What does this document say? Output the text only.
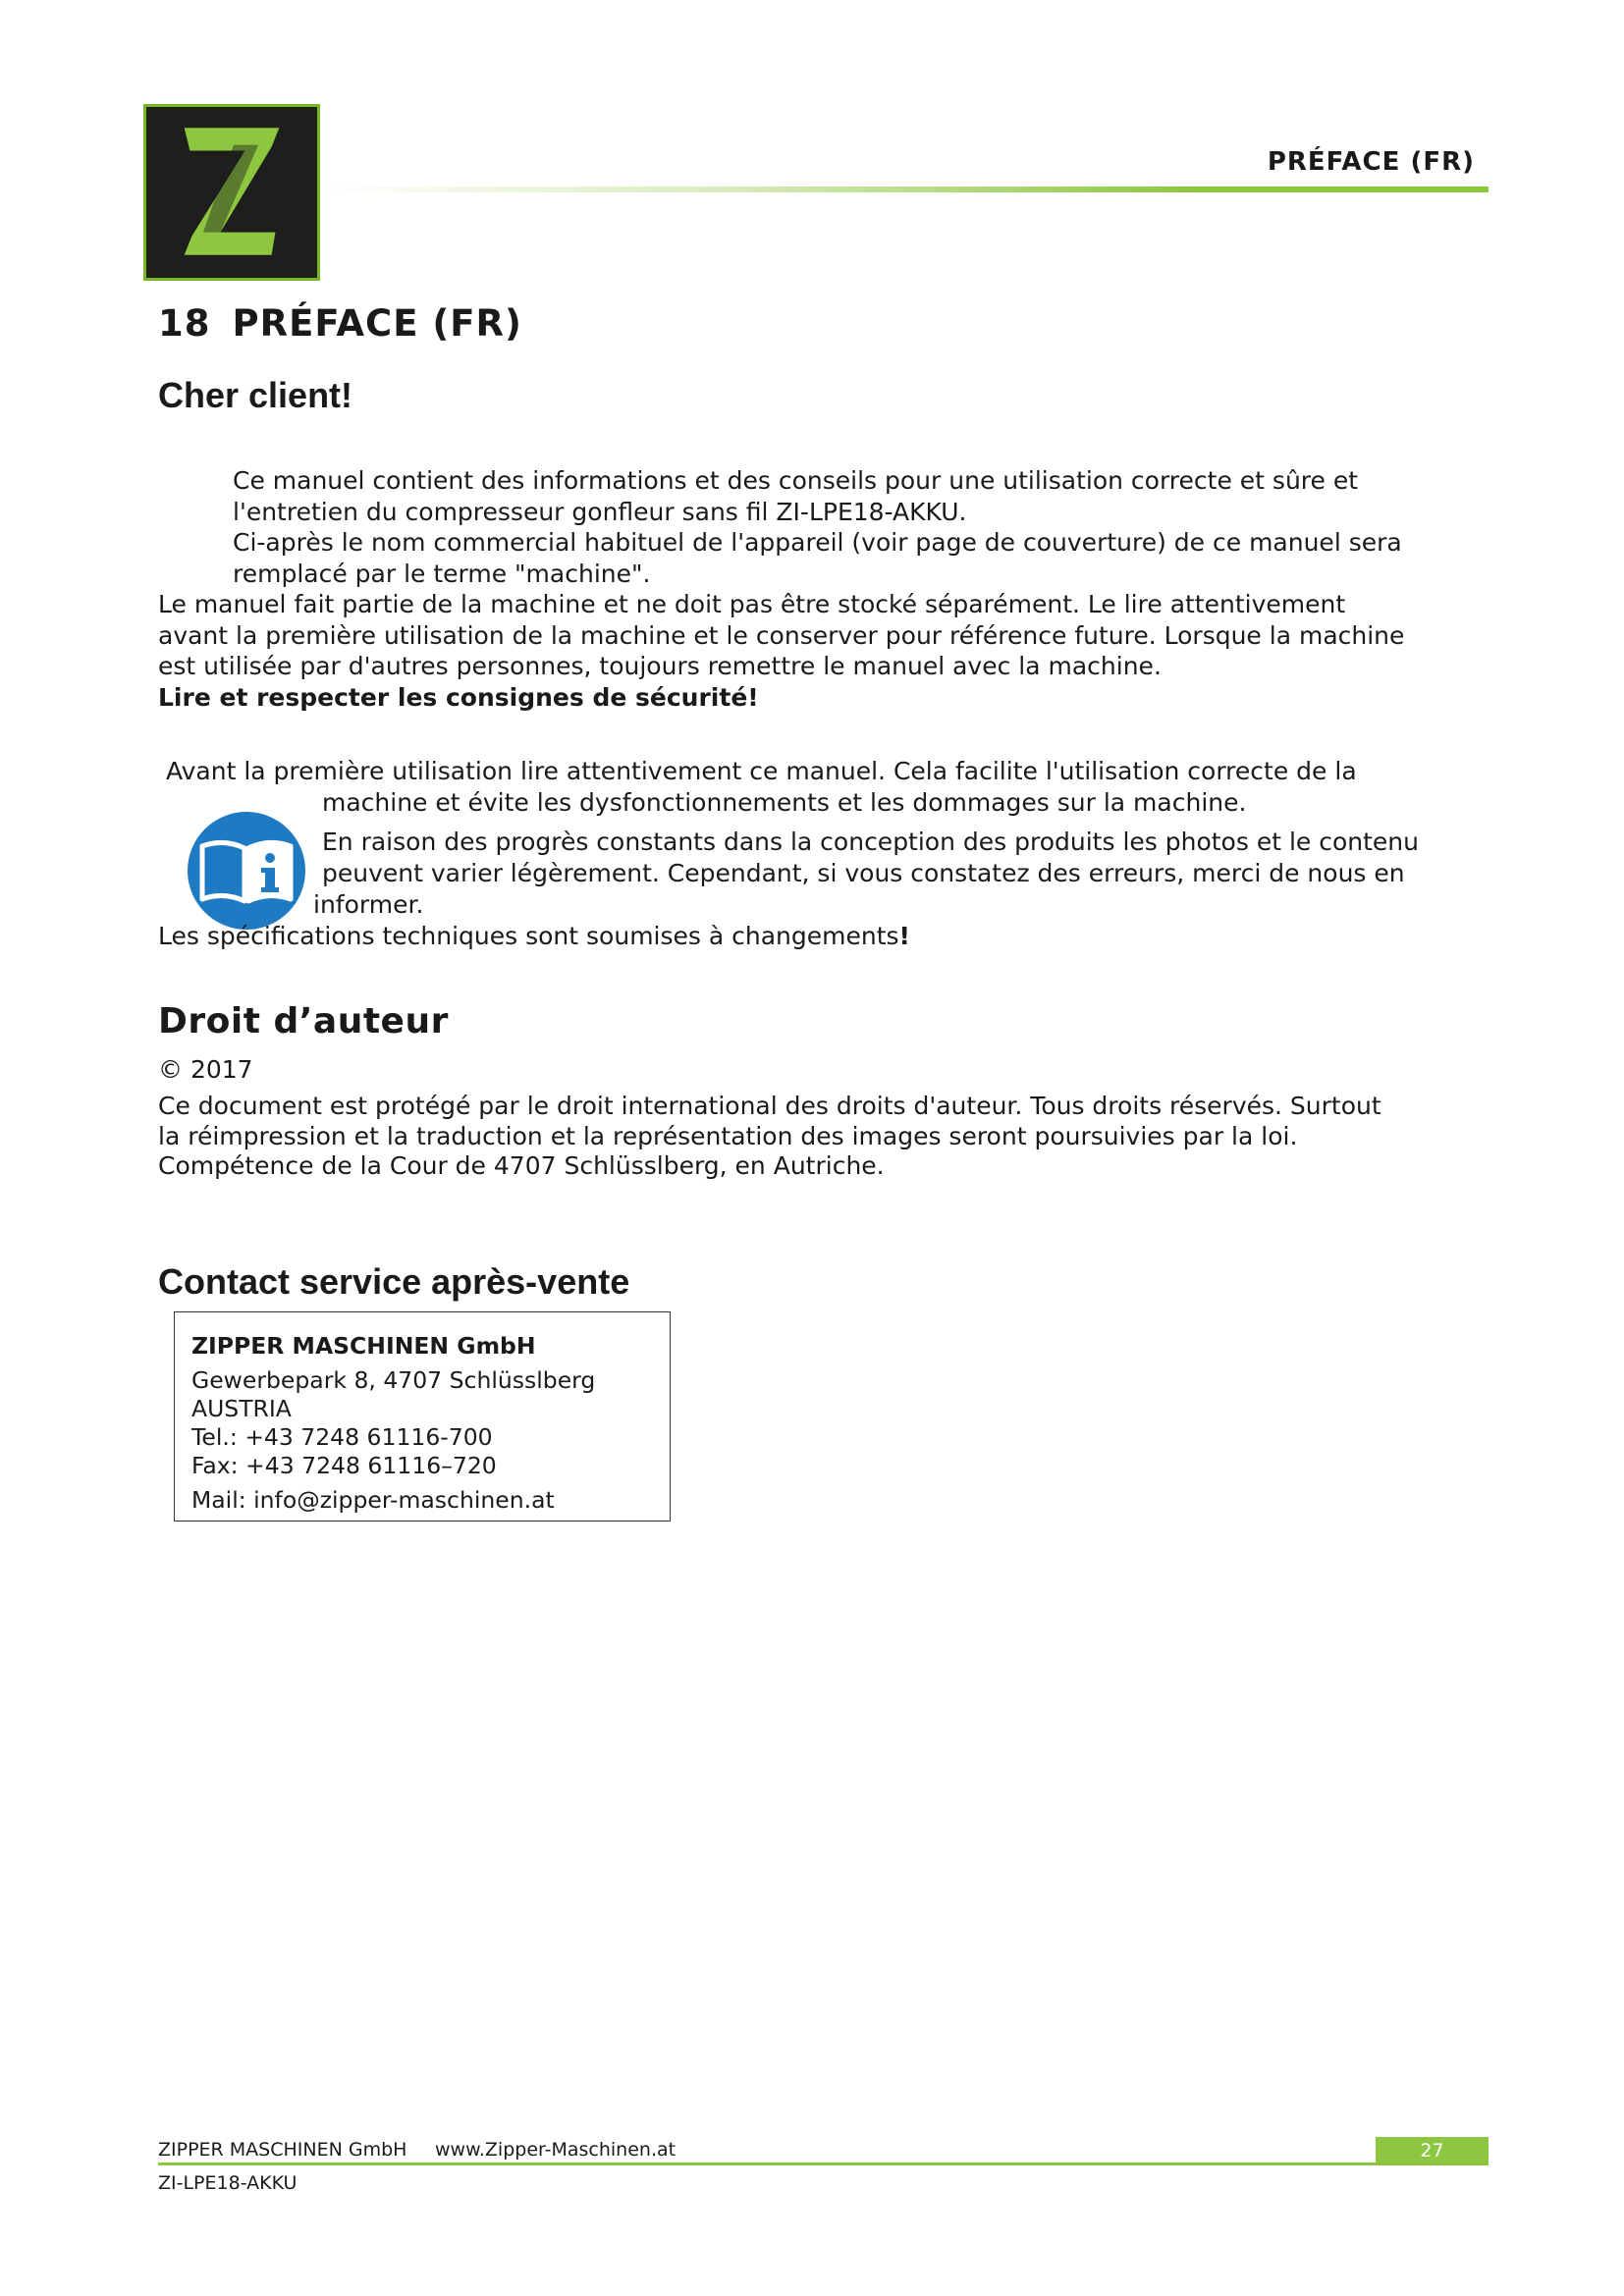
PRÉFACE (FR)
18 PRÉFACE (FR)
Cher client!
Ce manuel contient des informations et des conseils pour une utilisation correcte et sûre et
l'entretien du compresseur gonfleur sans fil ZI-LPE18-AKKU.
Ci-après le nom commercial habituel de l'appareil (voir page de couverture) de ce manuel sera
remplacé par le terme "machine".
Le manuel fait partie de la machine et ne doit pas être stocké séparément. Le lire attentivement
avant la première utilisation de la machine et le conserver pour référence future. Lorsque la machine
est utilisée par d'autres personnes, toujours remettre le manuel avec la machine.
Lire et respecter les consignes de sécurité!
Avant la première utilisation lire attentivement ce manuel. Cela facilite l'utilisation correcte de la
machine et évite les dysfonctionnements et les dommages sur la machine.
En raison des progrès constants dans la conception des produits les photos et le contenu
peuvent varier légèrement. Cependant, si vous constatez des erreurs, merci de nous en
informer.
Les spécifications techniques sont soumises à changements!
Droit d’auteur
© 2017
Ce document est protégé par le droit international des droits d'auteur. Tous droits réservés. Surtout
la réimpression et la traduction et la représentation des images seront poursuivies par la loi.
Compétence de la Cour de 4707 Schlüsslberg, en Autriche.
Contact service après-vente
ZIPPER MASCHINEN GmbH
Gewerbepark 8, 4707 Schlüsslberg
AUSTRIA
Tel.: +43 7248 61116-700
Fax: +43 7248 61116–720
Mail: info@zipper-maschinen.at
ZIPPER MASCHINEN GmbH www.Zipper-Maschinen.at	27
ZI-LPE18-AKKU
